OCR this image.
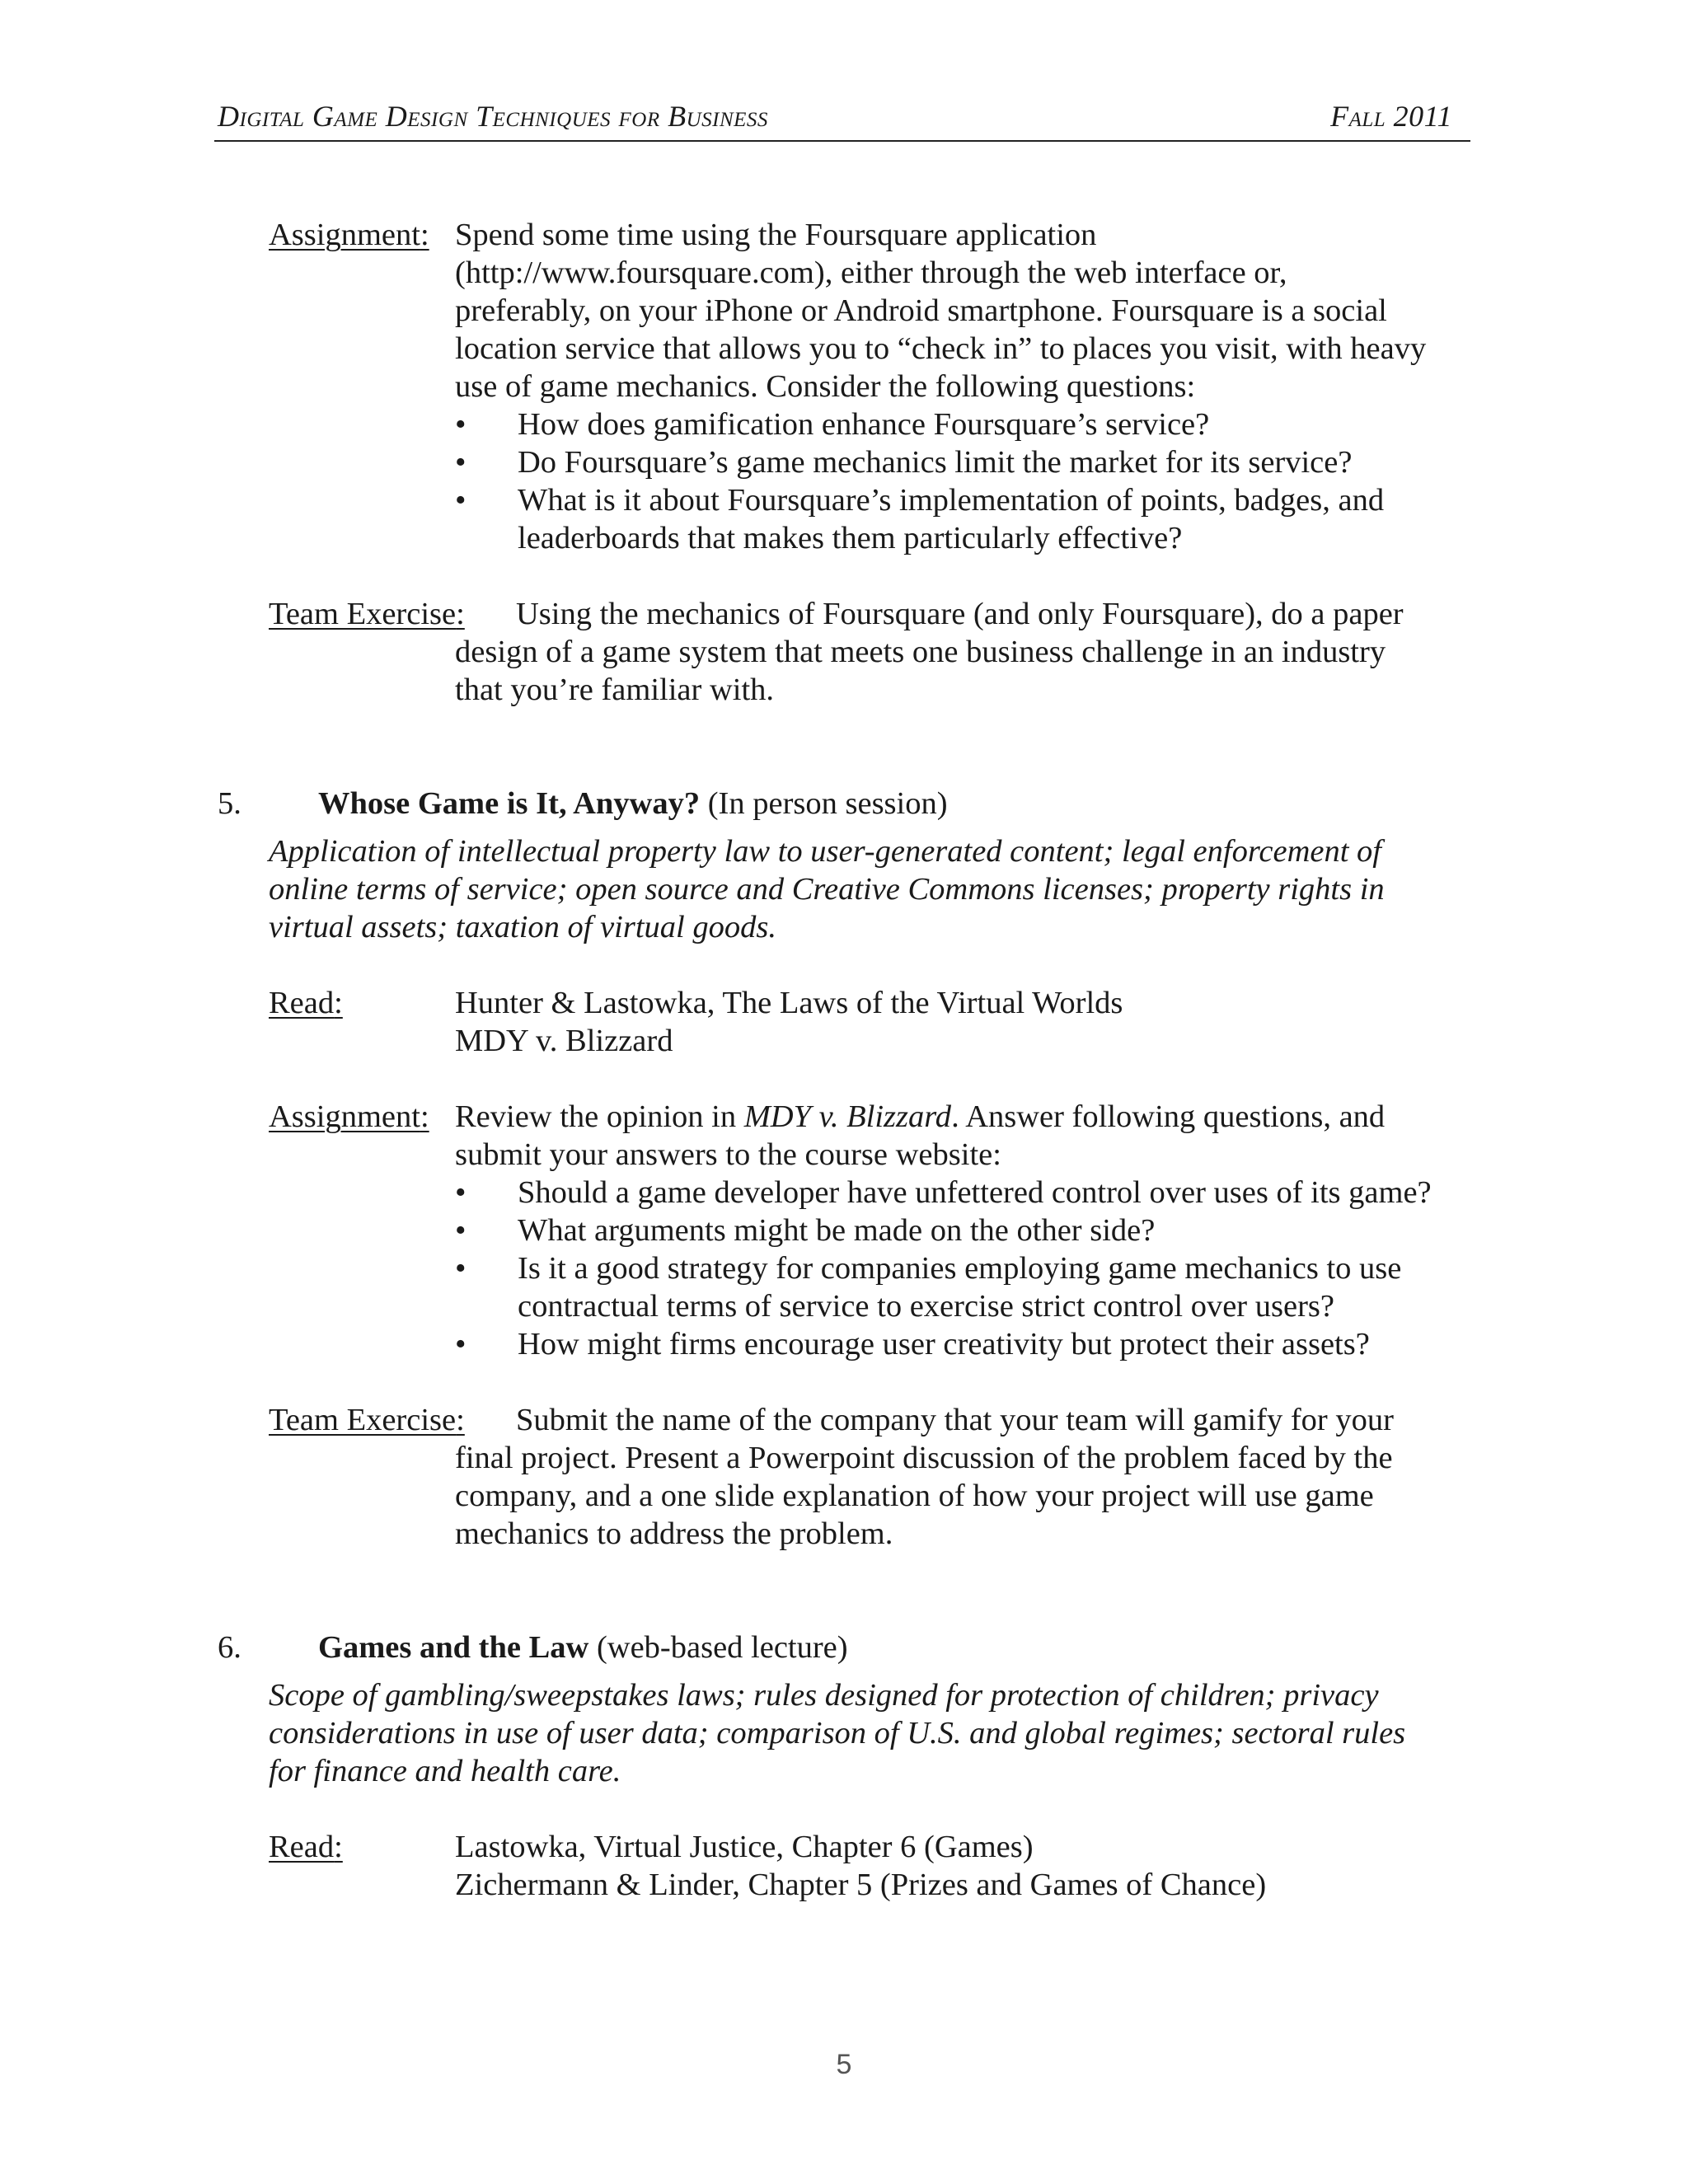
Digital Game Design Techniques for Business	Fall 2011
Assignment: Spend some time using the Foursquare application
(http://www.foursquare.com), either through the web interface or,
preferably, on your iPhone or Android smartphone. Foursquare is a social
location service that allows you to “check in” to places you visit, with heavy
use of game mechanics. Consider the following questions:
• How does gamification enhance Foursquare’s service?
• Do Foursquare’s game mechanics limit the market for its service?
• What is it about Foursquare’s implementation of points, badges, and
leaderboards that makes them particularly effective?
Team Exercise: Using the mechanics of Foursquare (and only Foursquare), do a paper
design of a game system that meets one business challenge in an industry
that you’re familiar with.
5. Whose Game is It, Anyway? (In person session)
Application of intellectual property law to user-generated content; legal enforcement of
online terms of service; open source and Creative Commons licenses; property rights in
virtual assets; taxation of virtual goods.
Read:	Hunter & Lastowka, The Laws of the Virtual Worlds
MDY v. Blizzard
Assignment: Review the opinion in MDY v. Blizzard. Answer following questions, and
submit your answers to the course website:
• Should a game developer have unfettered control over uses of its game?
• What arguments might be made on the other side?
• Is it a good strategy for companies employing game mechanics to use
contractual terms of service to exercise strict control over users?
• How might firms encourage user creativity but protect their assets?
Team Exercise: Submit the name of the company that your team will gamify for your
final project. Present a Powerpoint discussion of the problem faced by the
company, and a one slide explanation of how your project will use game
mechanics to address the problem.
6. Games and the Law (web-based lecture)
Scope of gambling/sweepstakes laws; rules designed for protection of children; privacy
considerations in use of user data; comparison of U.S. and global regimes; sectoral rules
for finance and health care.
Read:	Lastowka, Virtual Justice, Chapter 6 (Games)
Zichermann & Linder, Chapter 5 (Prizes and Games of Chance)
5
